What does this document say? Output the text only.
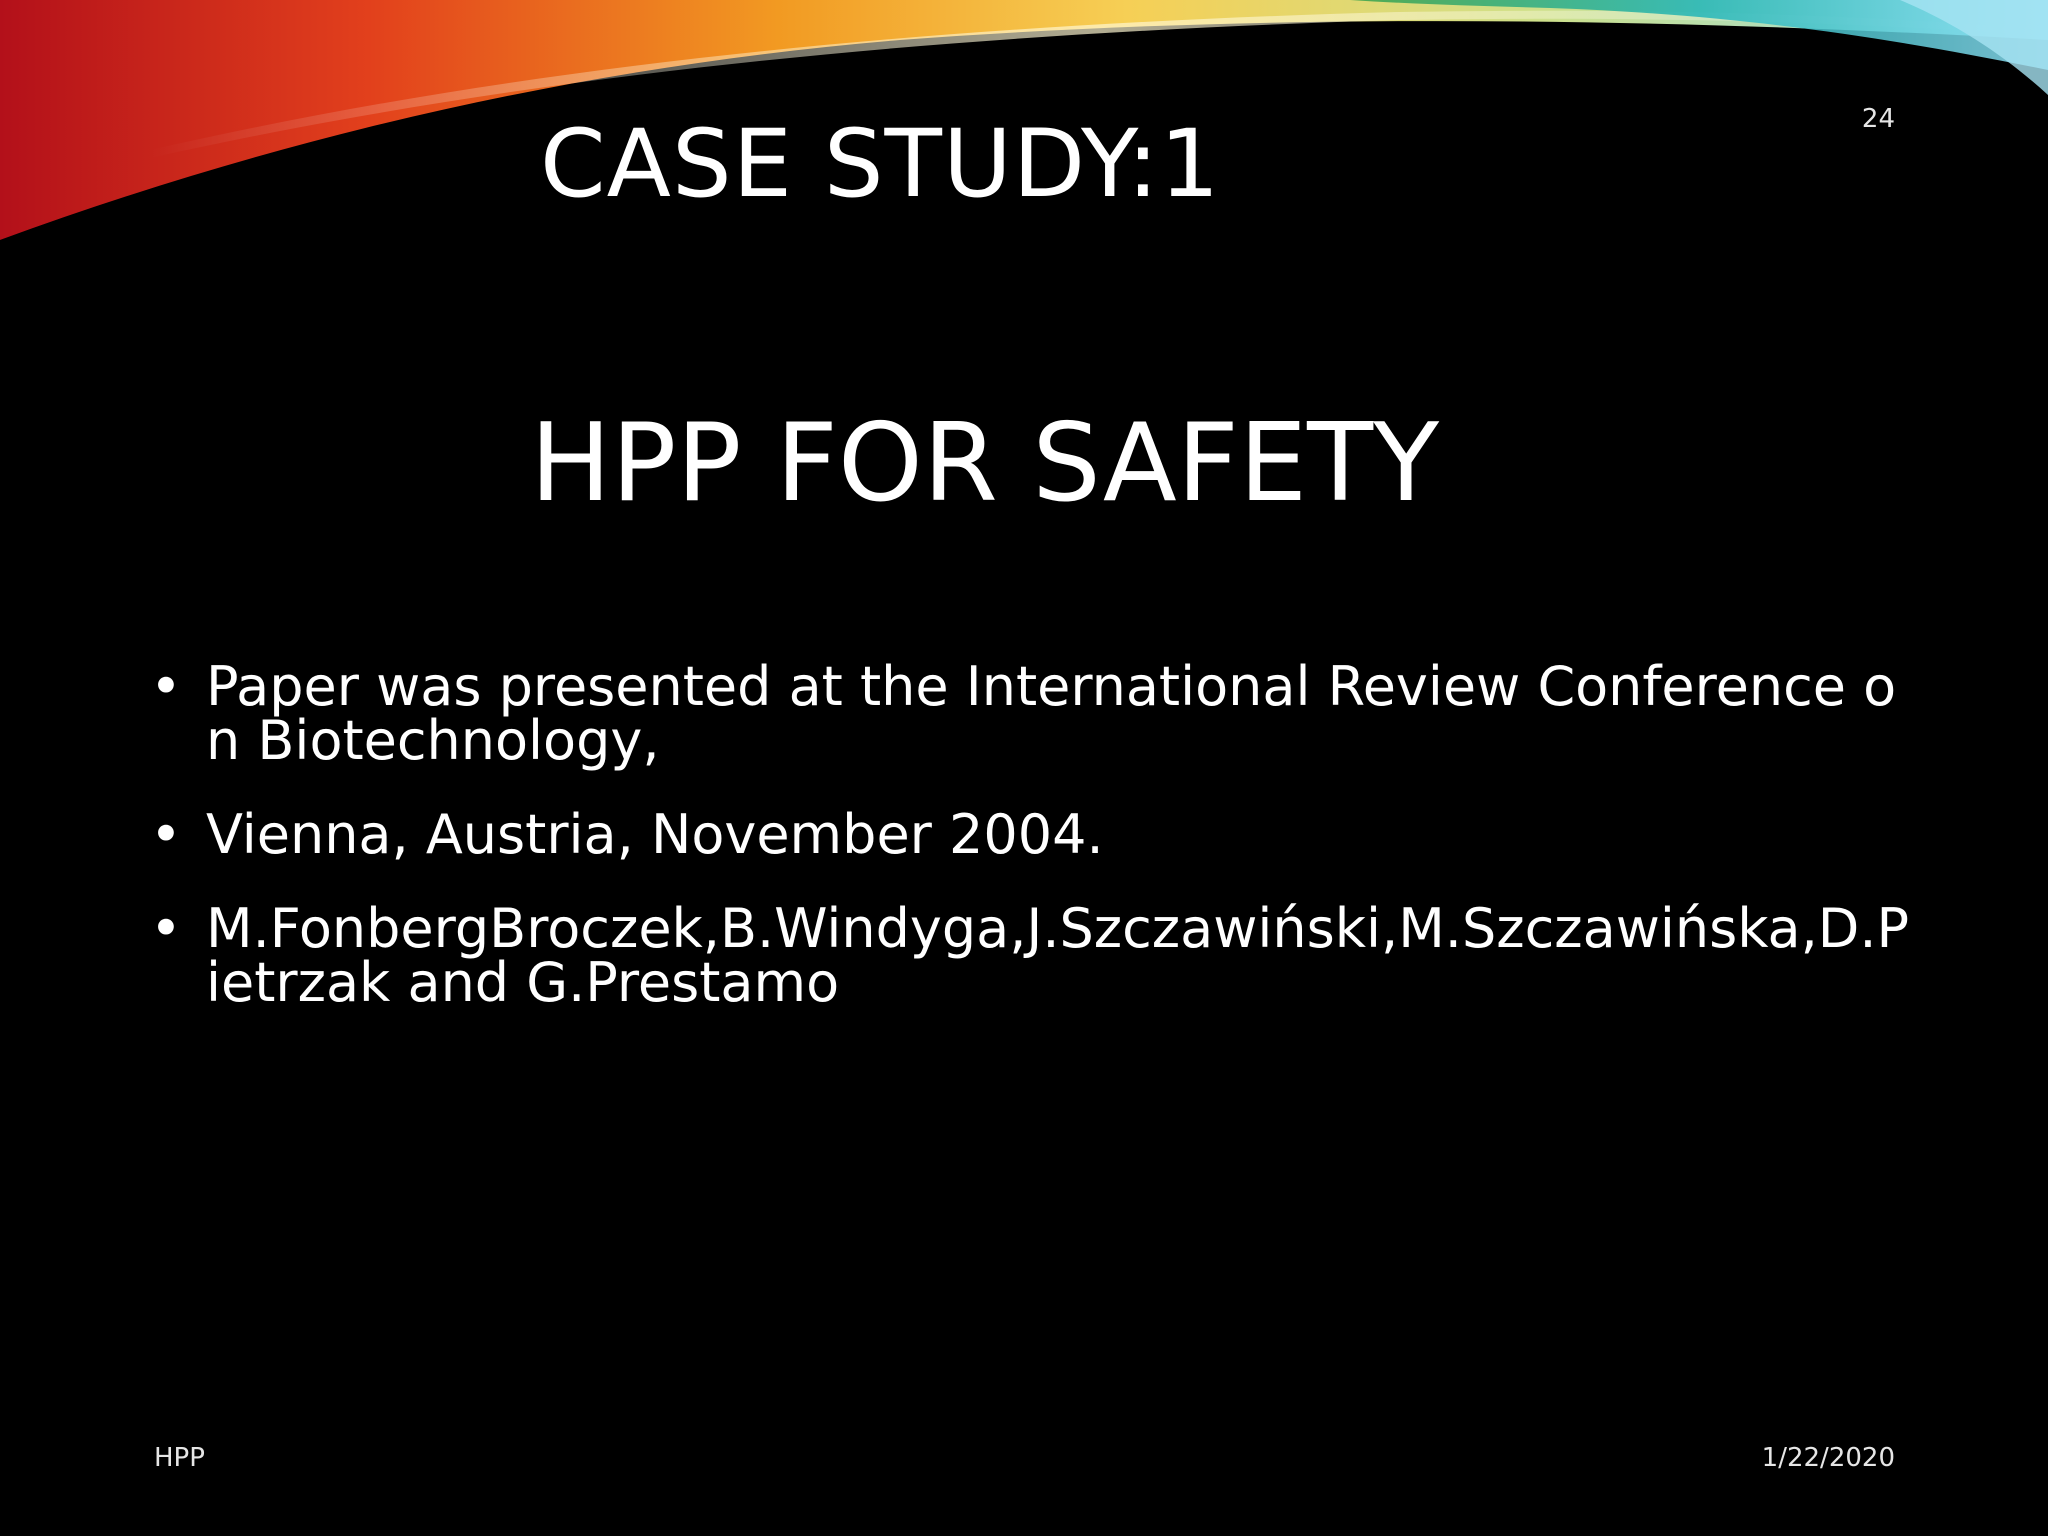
24
CASE STUDY:1
HPP FOR SAFETY
• Paper was presented at the International Review Conference on Biotechnology,
• Vienna, Austria, November 2004.
• M.FonbergBroczek,B.Windyga,J.Szczawiński,M.Szczawińska,D.Pietrzak and G.Prestamo
HPP	1/22/2020
